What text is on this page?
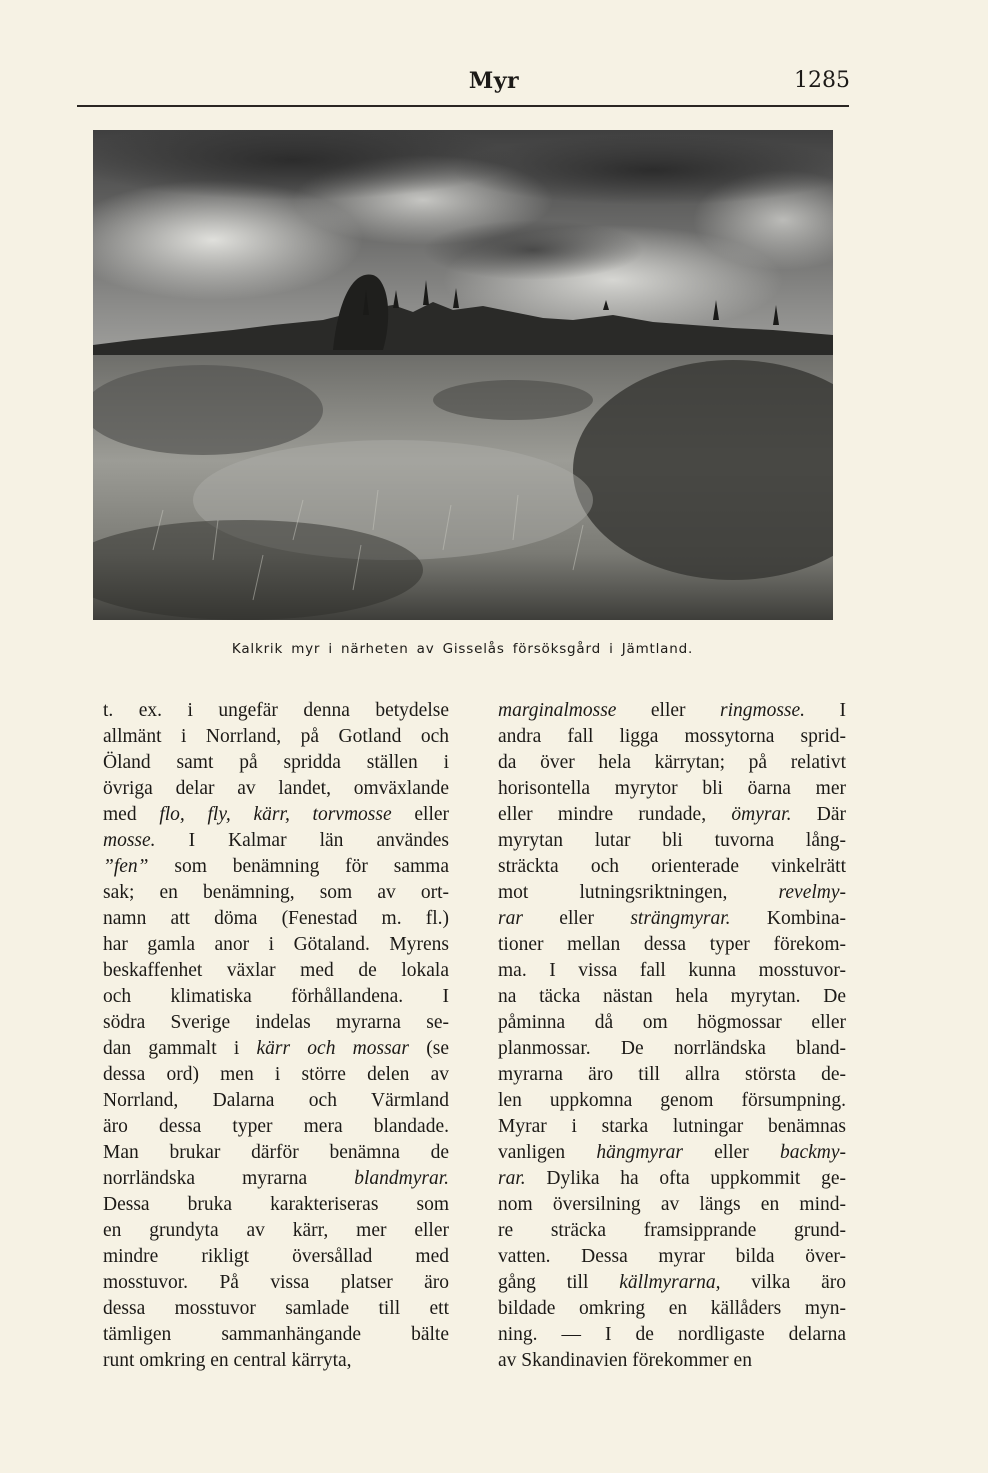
Myr	1285
Kalkrik myr i närheten av Gisselås försöksgård i Jämtland.
t. ex. i ungefär denna betydelse
allmänt i Norrland, på Gotland och
Öland samt på spridda ställen i
övriga delar av landet, omväxlande
med flo, fly, kärr, torvmosse eller
mosse. I Kalmar län användes
”fen” som benämning för samma
sak; en benämning, som av ort-
namn att döma (Fenestad m. fl.)
har gamla anor i Götaland. Myrens
beskaffenhet växlar med de lokala
och klimatiska förhållandena. I
södra Sverige indelas myrarna se-
dan gammalt i kärr och mossar (se
dessa ord) men i större delen av
Norrland, Dalarna och Värmland
äro dessa typer mera blandade.
Man brukar därför benämna de
norrländska myrarna blandmyrar.
Dessa bruka karakteriseras som
en grundyta av kärr, mer eller
mindre rikligt översållad med
mosstuvor. På vissa platser äro
dessa mosstuvor samlade till ett
tämligen sammanhängande bälte
runt omkring en central kärryta,
marginalmosse eller ringmosse. I
andra fall ligga mossytorna sprid-
da över hela kärrytan; på relativt
horisontella myrytor bli öarna mer
eller mindre rundade, ömyrar. Där
myrytan lutar bli tuvorna lång-
sträckta och orienterade vinkelrätt
mot lutningsriktningen, revelmy-
rar eller strängmyrar. Kombina-
tioner mellan dessa typer förekom-
ma. I vissa fall kunna mosstuvor-
na täcka nästan hela myrytan. De
påminna då om högmossar eller
planmossar. De norrländska bland-
myrarna äro till allra största de-
len uppkomna genom försumpning.
Myrar i starka lutningar benämnas
vanligen hängmyrar eller backmy-
rar. Dylika ha ofta uppkommit ge-
nom översilning av längs en mind-
re sträcka framsipprande grund-
vatten. Dessa myrar bilda över-
gång till källmyrarna, vilka äro
bildade omkring en källåders myn-
ning. — I de nordligaste delarna
av Skandinavien förekommer en
